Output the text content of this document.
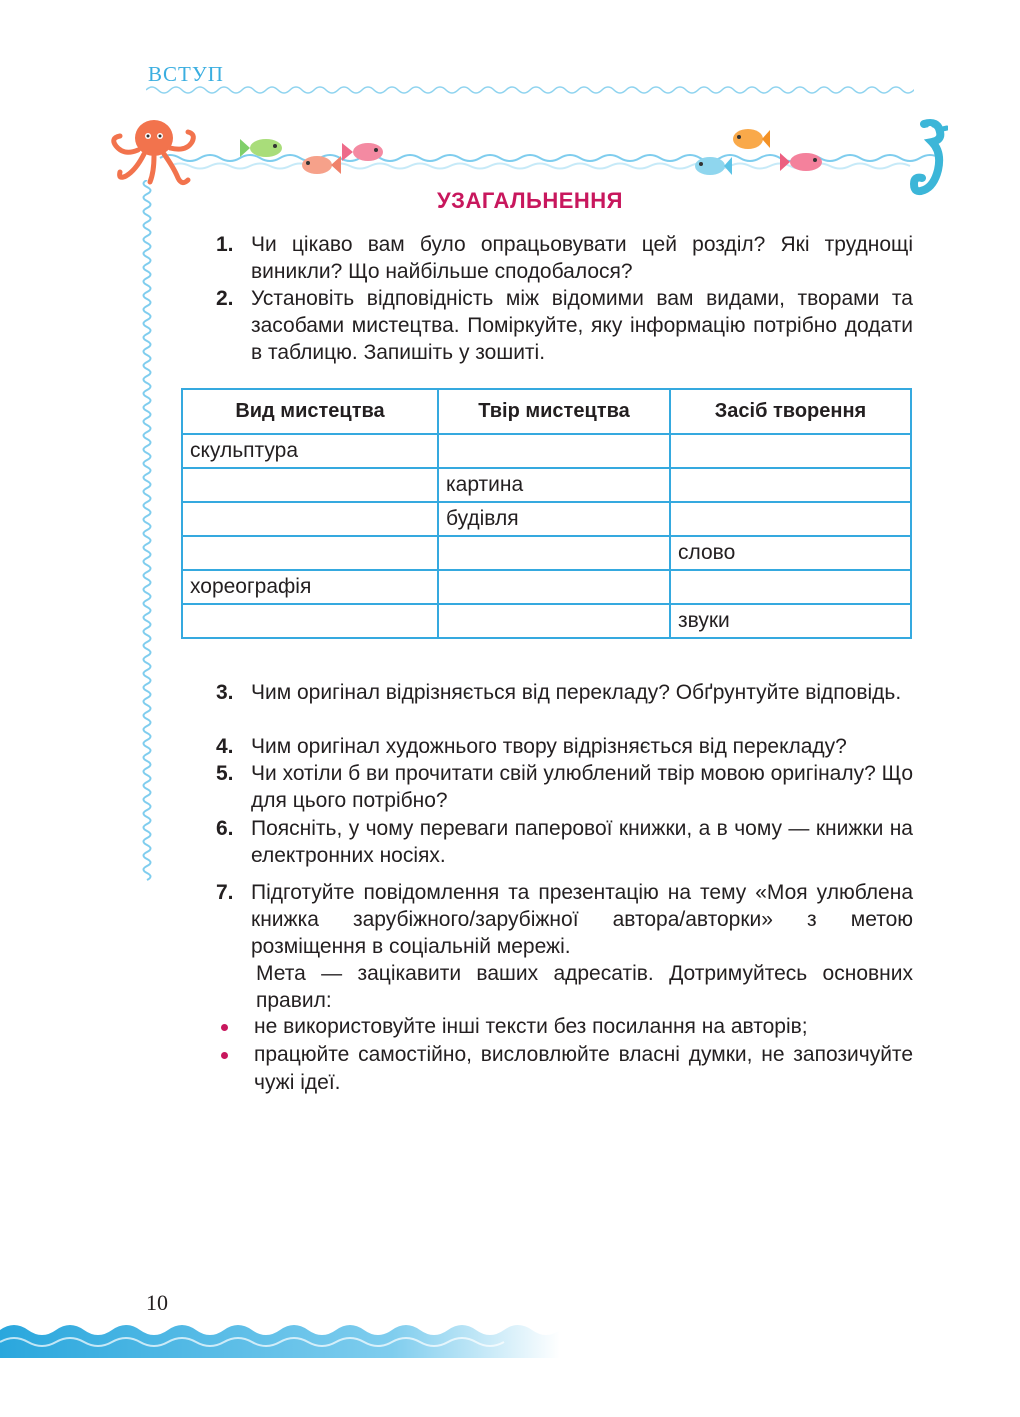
ВСТУП
УЗАГАЛЬНЕННЯ
1. Чи цікаво вам було опрацьовувати цей розділ? Які труднощі виникли? Що найбільше сподобалося?
2. Установіть відповідність між відомими вам видами, творами та засобами мистецтва. Поміркуйте, яку інформацію потрібно додати в таблицю. Запишіть у зошиті.
Вид мистецтва	Твір мистецтва	Засіб творення
скульптура		
	картина	
	будівля	
		слово
хореографія		
		звуки
3. Чим оригінал відрізняється від перекладу? Обґрунтуйте відповідь.
4. Чим оригінал художнього твору відрізняється від перекладу?
5. Чи хотіли б ви прочитати свій улюблений твір мовою оригіналу? Що для цього потрібно?
6. Поясніть, у чому переваги паперової книжки, а в чому — книжки на електронних носіях.
7. Підготуйте повідомлення та презентацію на тему «Моя улюблена книжка зарубіжного/зарубіжної автора/авторки» з метою розміщення в соціальній мережі.
Мета — зацікавити ваших адресатів. Дотримуйтесь основних правил:
не використовуйте інші тексти без посилання на авторів;
працюйте самостійно, висловлюйте власні думки, не запозичуйте чужі ідеї.
10
